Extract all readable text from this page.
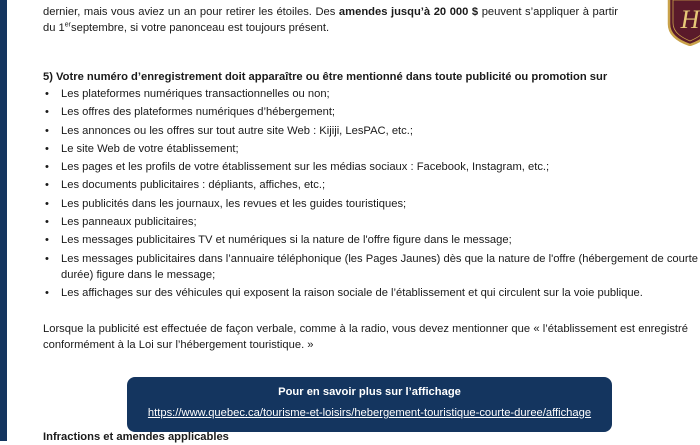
dernier, mais vous aviez un an pour retirer les étoiles. Des amendes jusqu’à 20 000 $ peuvent s’appliquer à partir du 1erseptembre, si votre panonceau est toujours présent.	H
5) Votre numéro d’enregistrement doit apparaître ou être mentionné dans toute publicité ou promotion sur
• Les plateformes numériques transactionnelles ou non;
• Les offres des plateformes numériques d’hébergement;
• Les annonces ou les offres sur tout autre site Web : Kijiji, LesPAC, etc.;
• Le site Web de votre établissement;
• Les pages et les profils de votre établissement sur les médias sociaux : Facebook, Instagram, etc.;
• Les documents publicitaires : dépliants, affiches, etc.;
• Les publicités dans les journaux, les revues et les guides touristiques;
• Les panneaux publicitaires;
• Les messages publicitaires TV et numériques si la nature de l'offre figure dans le message;
• Les messages publicitaires dans l’annuaire téléphonique (les Pages Jaunes) dès que la nature de l'offre (hébergement de courte durée) figure dans le message;
• Les affichages sur des véhicules qui exposent la raison sociale de l’établissement et qui circulent sur la voie publique.

Lorsque la publicité est effectuée de façon verbale, comme à la radio, vous devez mentionner que « l’établissement est enregistré conformément à la Loi sur l’hébergement touristique. »

Pour en savoir plus sur l’affichage
https://www.quebec.ca/tourisme-et-loisirs/hebergement-touristique-courte-duree/affichage
Infractions et amendes applicables
